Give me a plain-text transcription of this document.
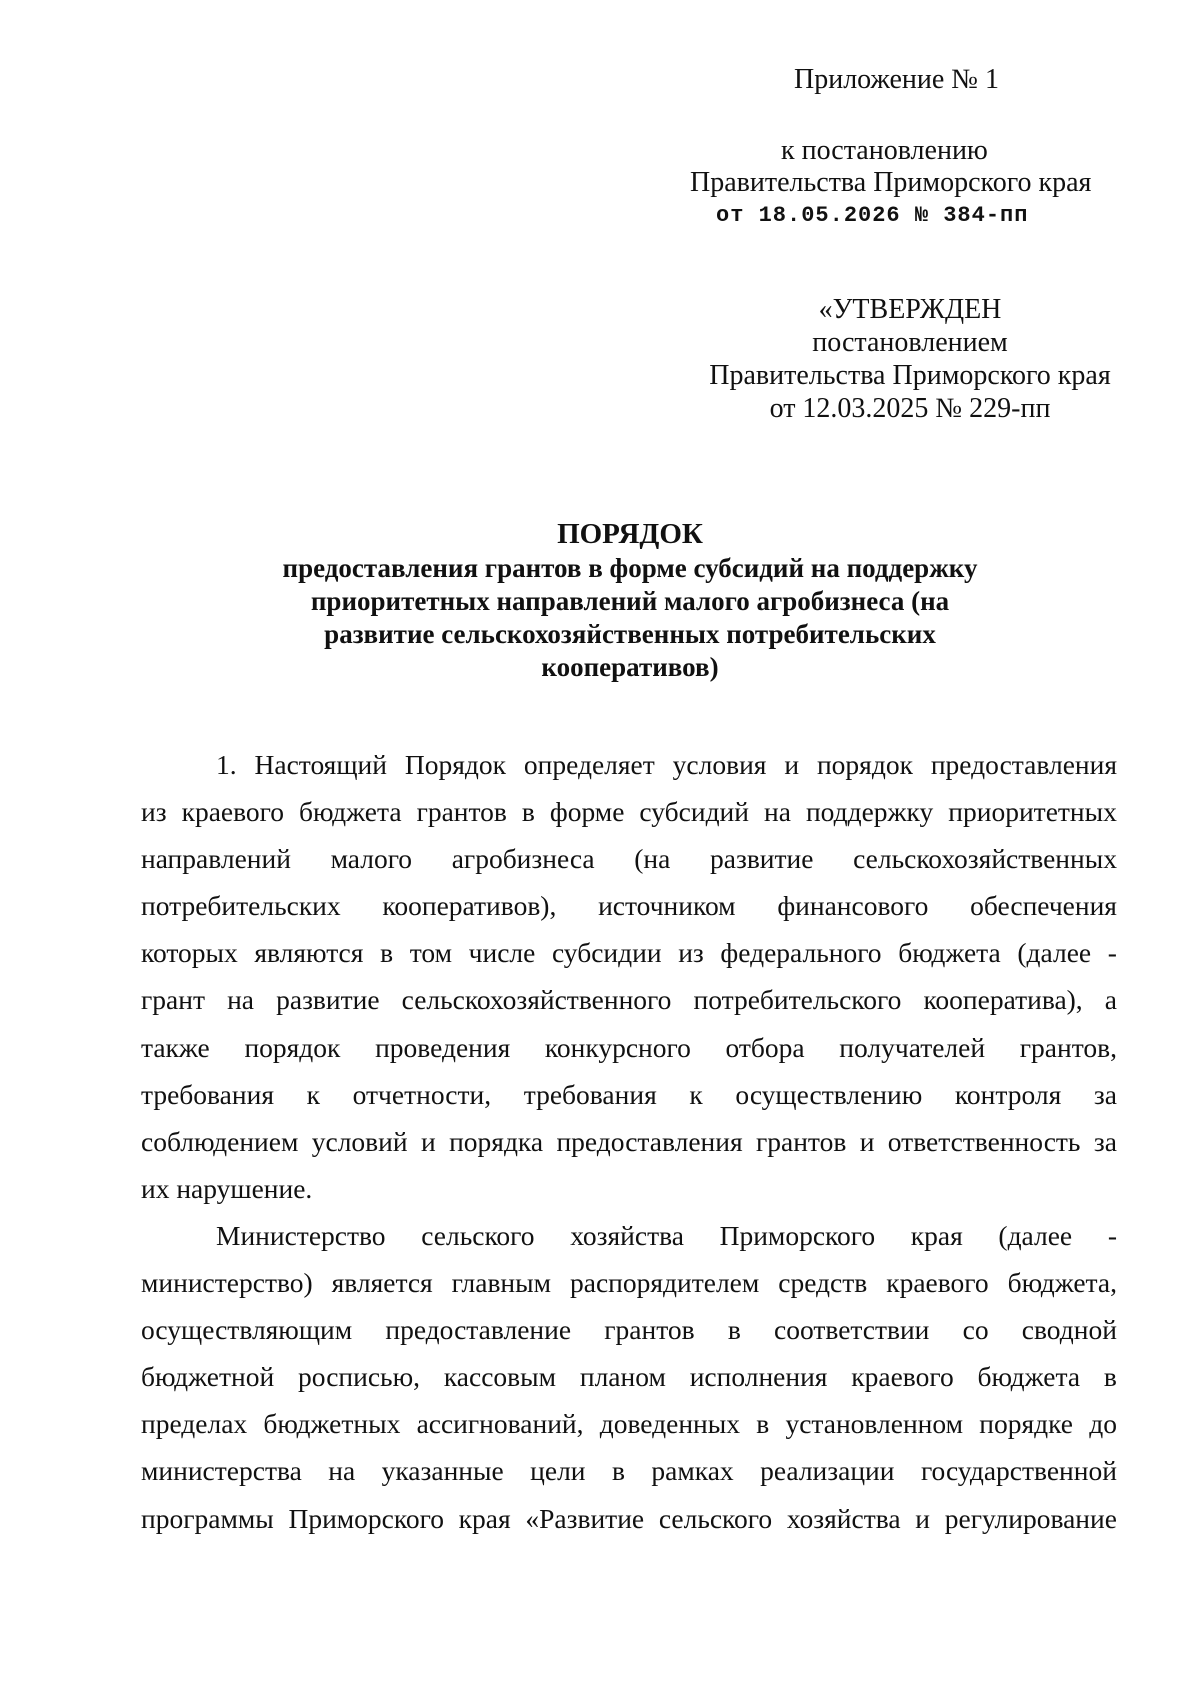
Приложение № 1
к постановлению
Правительства Приморского края
от 18.05.2026 № 384-пп
«УТВЕРЖДЕН
постановлением
Правительства Приморского края
от 12.03.2025 № 229-пп
ПОРЯДОК
предоставления грантов в форме субсидий на поддержку
приоритетных направлений малого агробизнеса (на
развитие сельскохозяйственных потребительских
кооперативов)
1. Настоящий Порядок определяет условия и порядок предоставления
из краевого бюджета грантов в форме субсидий на поддержку приоритетных
направлений малого агробизнеса (на развитие сельскохозяйственных
потребительских кооперативов), источником финансового обеспечения
которых являются в том числе субсидии из федерального бюджета (далее -
грант на развитие сельскохозяйственного потребительского кооператива), а
также порядок проведения конкурсного отбора получателей грантов,
требования к отчетности, требования к осуществлению контроля за
соблюдением условий и порядка предоставления грантов и ответственность за
их нарушение.
Министерство сельского хозяйства Приморского края (далее -
министерство) является главным распорядителем средств краевого бюджета,
осуществляющим предоставление грантов в соответствии со сводной
бюджетной росписью, кассовым планом исполнения краевого бюджета в
пределах бюджетных ассигнований, доведенных в установленном порядке до
министерства на указанные цели в рамках реализации государственной
программы Приморского края «Развитие сельского хозяйства и регулирование
